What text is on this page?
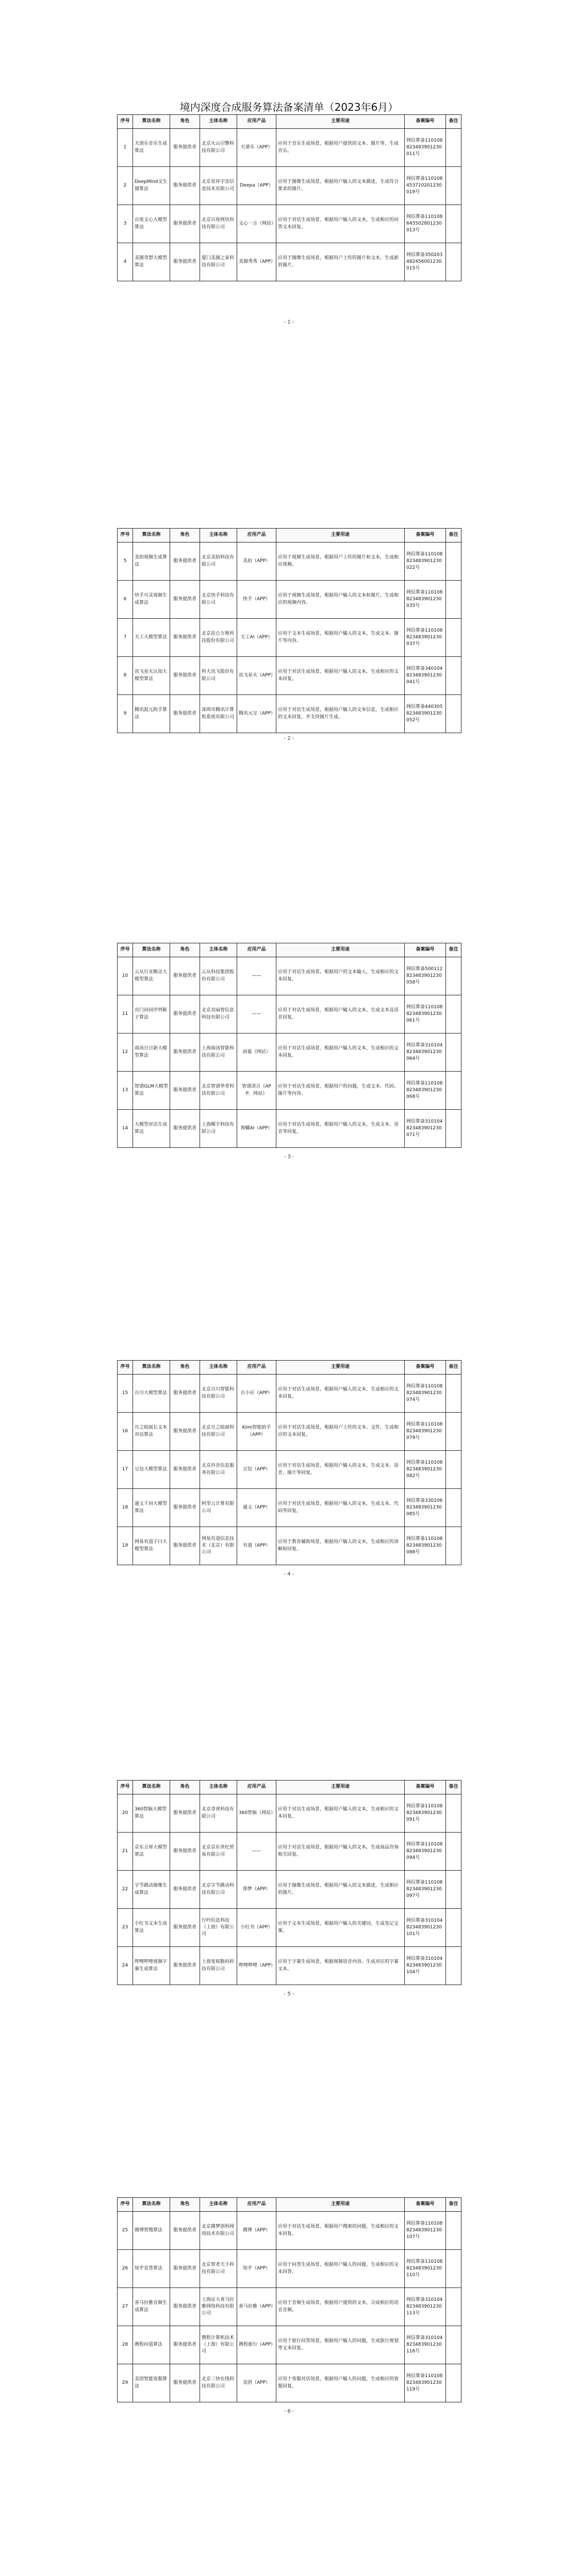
境内深度合成服务算法备案清单（2023年6月）
序号	算法名称	角色	主体名称	应用产品	主要用途	备案编号	备注
1	天谱乐音乐生成算法	服务提供者	北京火山引擎科技有限公司	天谱乐（APP）	应用于音乐生成场景，根据用户提供的文本、图片等，生成音乐。	网信算备110108823483901230011号	
2	DeepMind文生图算法	服务提供者	北京星环宇宙信息技术有限公司	Deepa（APP）	应用于图像生成场景，根据用户输入的文本描述，生成符合要求的图片。	网信算备110108453710201230019号	
3	百度文心大模型算法	服务提供者	北京百度网讯科技有限公司	文心一言（网站）	应用于对话生成场景，根据用户输入的文本，生成相应的问答文本回复。	网信算备110108645502801230013号	
4	美图奇想大模型算法	服务提供者	厦门美图之家科技有限公司	美图秀秀（APP）	应用于图像生成场景，根据用户上传的图片和文本，生成新的图片。	网信算备350203482456001230015号	
- 1 -
序号	算法名称	角色	主体名称	应用产品	主要用途	备案编号	备注
5	美拍视频生成算法	服务提供者	北京美拍科技有限公司	美拍（APP）	应用于视频生成场景，根据用户上传的图片和文本，生成相应视频。	网信算备110108823483901230022号	
6	快手可灵视频生成算法	服务提供者	北京快手科技有限公司	快手（APP）	应用于视频生成场景，根据用户输入的文本和图片，生成相应的视频内容。	网信算备110108823483901230035号	
7	天工大模型算法	服务提供者	北京昆仑万维科技股份有限公司	天工AI（APP）	应用于文本生成场景，根据用户输入的文本，生成文本、图片等内容。	网信算备110108823483901230037号	
8	讯飞星火认知大模型算法	服务提供者	科大讯飞股份有限公司	讯飞星火（APP）	应用于对话生成场景，根据用户输入的文本，生成相应的文本回复。	网信算备340104823483901230041号	
9	腾讯混元助手算法	服务提供者	深圳市腾讯计算机系统有限公司	腾讯元宝（APP）	应用于对话生成场景，根据用户输入的文本信息，生成相应的文本回复，并支持图片生成。	网信算备440305823483901230052号	
- 2 -
序号	算法名称	角色	主体名称	应用产品	主要用途	备案编号	备注
10	云从行业精灵大模型算法	服务提供者	云从科技集团股份有限公司	——	应用于对话生成场景，根据用户的文本输入，生成相应的文本回复。	网信算备500112823483901230058号	
11	出门问问序列猴子算法	服务提供者	北京羽扇智信息科技有限公司	——	应用于对话生成场景，根据用户输入的文本，生成文本及语音回复。	网信算备110108823483901230061号	
12	商汤日日新大模型算法	服务提供者	上海商汤智能科技有限公司	商量（网站）	应用于对话生成场景，根据用户输入的文本，生成相应的文本回复。	网信算备310104823483901230064号	
13	智谱GLM大模型算法	服务提供者	北京智谱华章科技有限公司	智谱清言（APP、网站）	应用于对话生成场景，根据用户的问题，生成文本、代码、图片等内容。	网信算备110108823483901230068号	
14	大模型对话生成算法	服务提供者	上海稀宇科技有限公司	海螺AI（APP）	应用于对话生成场景，根据用户输入的文本，生成文本、语音等回复。	网信算备310104823483901230071号	
- 3 -
序号	算法名称	角色	主体名称	应用产品	主要用途	备案编号	备注
15	百川大模型算法	服务提供者	北京百川智能科技有限公司	百小应（APP）	应用于对话生成场景，根据用户输入的文本，生成相应的文本回复。	网信算备110108823483901230074号	
16	月之暗面长文本对话算法	服务提供者	北京月之暗面科技有限公司	Kimi智能助手（APP）	应用于对话生成场景，根据用户上传的文本、文件，生成相应的文本回复。	网信算备110108823483901230079号	
17	豆包大模型算法	服务提供者	北京抖音信息服务有限公司	豆包（APP）	应用于对话生成场景，根据用户输入的文本，生成文本、语音、图片等回复。	网信算备110108823483901230082号	
18	通义千问大模型算法	服务提供者	阿里云计算有限公司	通义（APP）	应用于对话生成场景，根据用户输入的文本，生成文本、代码等回复。	网信算备330106823483901230085号	
19	网易有道子曰大模型算法	服务提供者	网易有道信息技术（北京）有限公司	有道（APP）	应用于教育辅助场景，根据用户输入的文本，生成相应的讲解和回复。	网信算备110108823483901230088号	
- 4 -
序号	算法名称	角色	主体名称	应用产品	主要用途	备案编号	备注
20	360智脑大模型算法	服务提供者	北京奇虎科技有限公司	360智脑（网站）	应用于对话生成场景，根据用户输入的文本，生成相应的文本回复。	网信算备110108823483901230091号	
21	京东言犀大模型算法	服务提供者	北京京东世纪贸易有限公司	——	应用于对话生成场景，根据用户输入的文本，生成商品咨询相关回复。	网信算备110108823483901230094号	
22	字节跳动图像生成算法	服务提供者	北京字节跳动科技有限公司	即梦（APP）	应用于图像生成场景，根据用户输入的文本描述，生成相应的图片。	网信算备110108823483901230097号	
23	小红书文本生成算法	服务提供者	行吟信息科技（上海）有限公司	小红书（APP）	应用于文本生成场景，根据用户输入的关键词，生成笔记文案。	网信算备310104823483901230101号	
24	哔哩哔哩视频字幕生成算法	服务提供者	上海宽娱数码科技有限公司	哔哩哔哩（APP）	应用于字幕生成场景，根据视频语音内容，生成对应的字幕文本。	网信算备310104823483901230104号	
- 5 -
序号	算法名称	角色	主体名称	应用产品	主要用途	备案编号	备注
25	微博智搜算法	服务提供者	北京微梦创科网络技术有限公司	微博（APP）	应用于对话生成场景，根据用户搜索的问题，生成相应的文本回复。	网信算备110108823483901230107号	
26	知乎直答算法	服务提供者	北京智者天下科技有限公司	知乎（APP）	应用于问答生成场景，根据用户输入的问题，生成相应的文本回答。	网信算备110108823483901230110号	
27	喜马拉雅音频生成算法	服务提供者	上海证大喜马拉雅网络科技有限公司	喜马拉雅（APP）	应用于音频生成场景，根据用户提供的文本，合成相应的语音音频。	网信算备310104823483901230113号	
28	携程问道算法	服务提供者	携程计算机技术（上海）有限公司	携程旅行（APP）	应用于旅行问答场景，根据用户输入的问题，生成旅行规划等文本回复。	网信算备310104823483901230116号	
29	美团智能客服算法	服务提供者	北京三快在线科技有限公司	美团（APP）	应用于客服对话场景，根据用户输入的问题，生成相应的客服回复。	网信算备110108823483901230119号	
- 6 -
